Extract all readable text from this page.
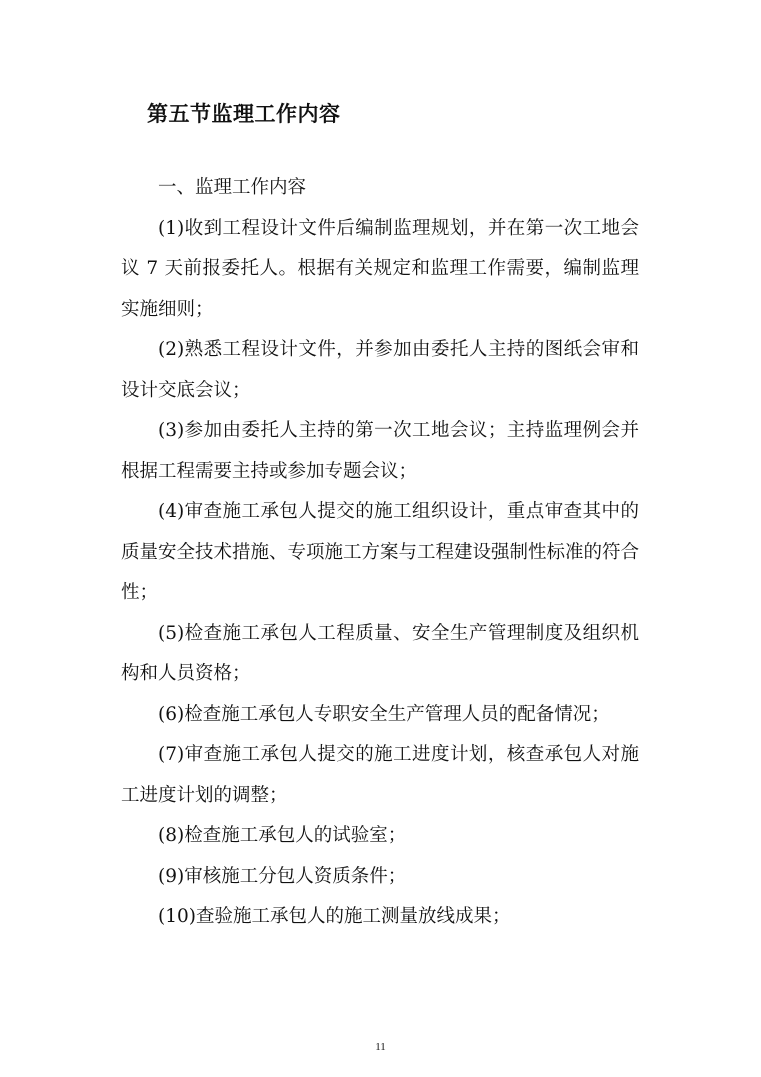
第五节监理工作内容

一、监理工作内容

(1)收到工程设计文件后编制监理规划，并在第一次工地会议 7 天前报委托人。根据有关规定和监理工作需要，编制监理实施细则；

(2)熟悉工程设计文件，并参加由委托人主持的图纸会审和设计交底会议；

(3)参加由委托人主持的第一次工地会议；主持监理例会并根据工程需要主持或参加专题会议；

(4)审查施工承包人提交的施工组织设计，重点审查其中的质量安全技术措施、专项施工方案与工程建设强制性标准的符合性；

(5)检查施工承包人工程质量、安全生产管理制度及组织机构和人员资格；

(6)检查施工承包人专职安全生产管理人员的配备情况；

(7)审查施工承包人提交的施工进度计划，核查承包人对施工进度计划的调整；

(8)检查施工承包人的试验室；

(9)审核施工分包人资质条件；

(10)查验施工承包人的施工测量放线成果；

11
